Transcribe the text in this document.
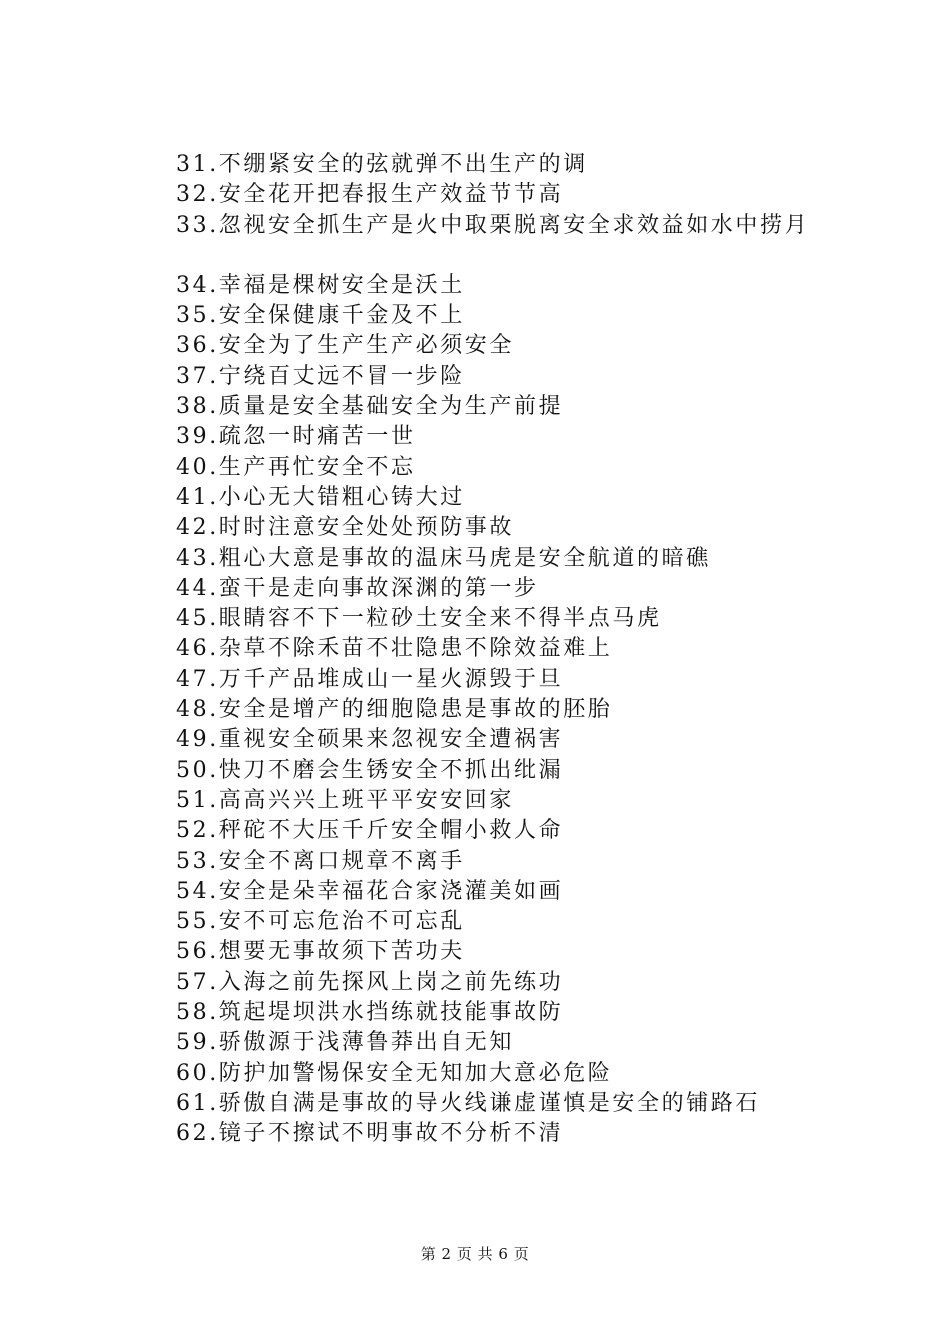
31.不绷紧安全的弦就弹不出生产的调
32.安全花开把春报生产效益节节高
33.忽视安全抓生产是火中取栗脱离安全求效益如水中捞月
34.幸福是棵树安全是沃土
35.安全保健康千金及不上
36.安全为了生产生产必须安全
37.宁绕百丈远不冒一步险
38.质量是安全基础安全为生产前提
39.疏忽一时痛苦一世
40.生产再忙安全不忘
41.小心无大错粗心铸大过
42.时时注意安全处处预防事故
43.粗心大意是事故的温床马虎是安全航道的暗礁
44.蛮干是走向事故深渊的第一步
45.眼睛容不下一粒砂土安全来不得半点马虎
46.杂草不除禾苗不壮隐患不除效益难上
47.万千产品堆成山一星火源毁于旦
48.安全是增产的细胞隐患是事故的胚胎
49.重视安全硕果来忽视安全遭祸害
50.快刀不磨会生锈安全不抓出纰漏
51.高高兴兴上班平平安安回家
52.秤砣不大压千斤安全帽小救人命
53.安全不离口规章不离手
54.安全是朵幸福花合家浇灌美如画
55.安不可忘危治不可忘乱
56.想要无事故须下苦功夫
57.入海之前先探风上岗之前先练功
58.筑起堤坝洪水挡练就技能事故防
59.骄傲源于浅薄鲁莽出自无知
60.防护加警惕保安全无知加大意必危险
61.骄傲自满是事故的导火线谦虚谨慎是安全的铺路石
62.镜子不擦试不明事故不分析不清
第 2 页 共 6 页
